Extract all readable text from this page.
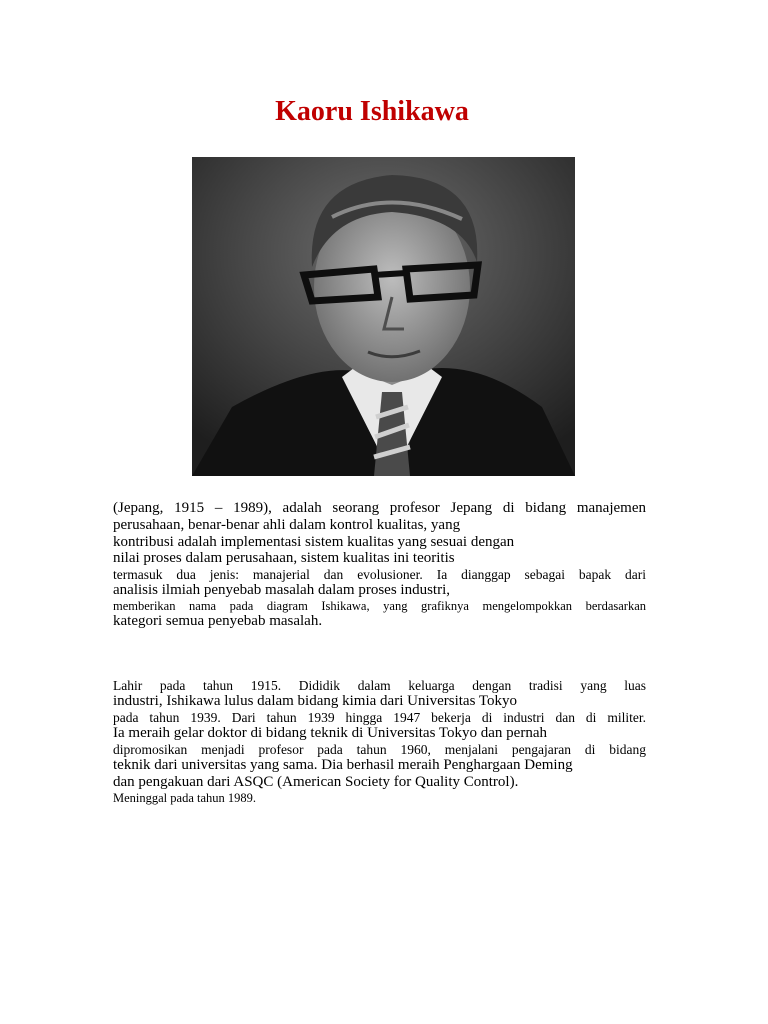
Kaoru Ishikawa
(Jepang, 1915 – 1989), adalah seorang profesor Jepang di bidang manajemen
perusahaan, benar-benar ahli dalam kontrol kualitas, yang
kontribusi adalah implementasi sistem kualitas yang sesuai dengan
nilai proses dalam perusahaan, sistem kualitas ini teoritis
termasuk dua jenis: manajerial dan evolusioner. Ia dianggap sebagai bapak dari
analisis ilmiah penyebab masalah dalam proses industri,
memberikan nama pada diagram Ishikawa, yang grafiknya mengelompokkan berdasarkan
kategori semua penyebab masalah.
Lahir pada tahun 1915. Dididik dalam keluarga dengan tradisi yang luas
industri, Ishikawa lulus dalam bidang kimia dari Universitas Tokyo
pada tahun 1939. Dari tahun 1939 hingga 1947 bekerja di industri dan di militer.
Ia meraih gelar doktor di bidang teknik di Universitas Tokyo dan pernah
dipromosikan menjadi profesor pada tahun 1960, menjalani pengajaran di bidang
teknik dari universitas yang sama. Dia berhasil meraih Penghargaan Deming
dan pengakuan dari ASQC (American Society for Quality Control).
Meninggal pada tahun 1989.
